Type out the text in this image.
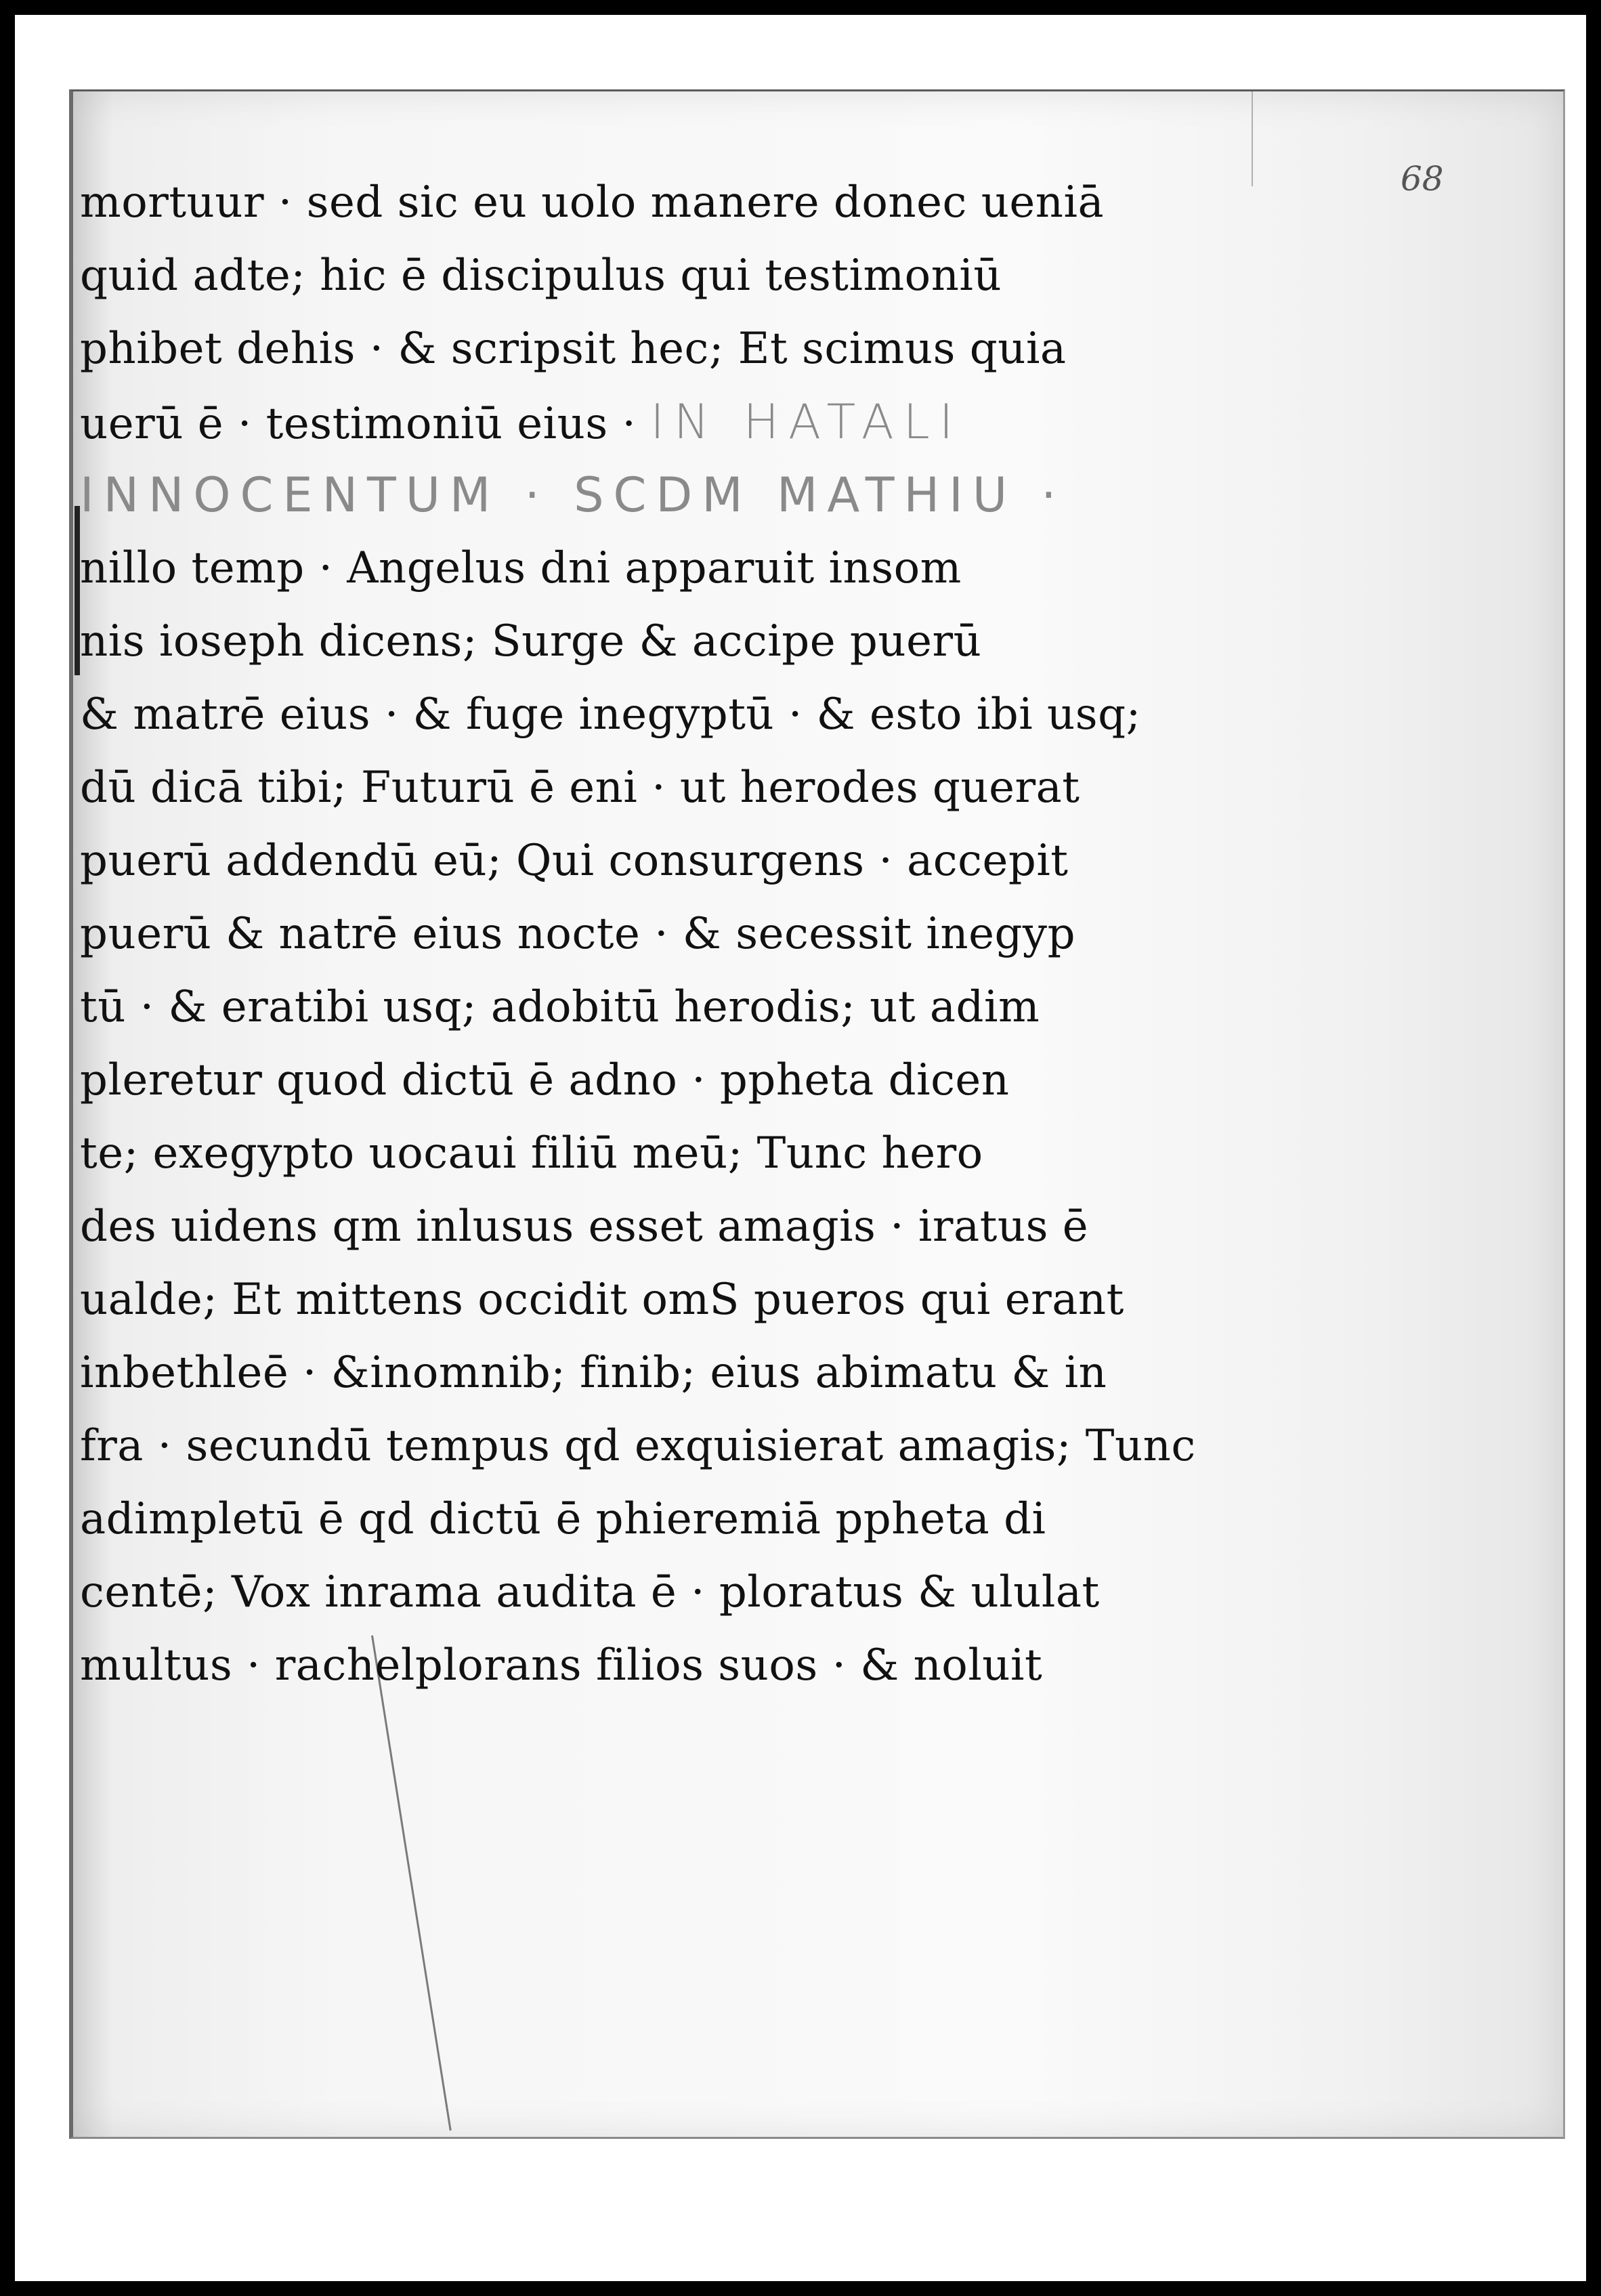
68
mortuur · sed sic eu uolo manere donec ueniā
quid adte; hic ē discipulus qui testimoniū
phibet dehis · & scripsit hec; Et scimus quia
uerū ē · testimoniū eius · IN HATALI
INNOCENTUM · SCDM MATHIU ·
nillo temp · Angelus dni apparuit insom
nis ioseph dicens; Surge & accipe puerū
& matrē eius · & fuge inegyptū · & esto ibi usq;
dū dicā tibi; Futurū ē eni · ut herodes querat
puerū addendū eū; Qui consurgens · accepit
puerū & natrē eius nocte · & secessit inegyp
tū · & eratibi usq; adobitū herodis; ut adim
pleretur quod dictū ē adno · ppheta dicen
te; exegypto uocaui filiū meū; Tunc hero
des uidens qm inlusus esset amagis · iratus ē
ualde; Et mittens occidit omS pueros qui erant
inbethleē · &inomnib; finib; eius abimatu & in
fra · secundū tempus qd exquisierat amagis; Tunc
adimpletū ē qd dictū ē phieremiā ppheta di
centē; Vox inrama audita ē · ploratus & ululat
multus · rachelplorans filios suos · & noluit
